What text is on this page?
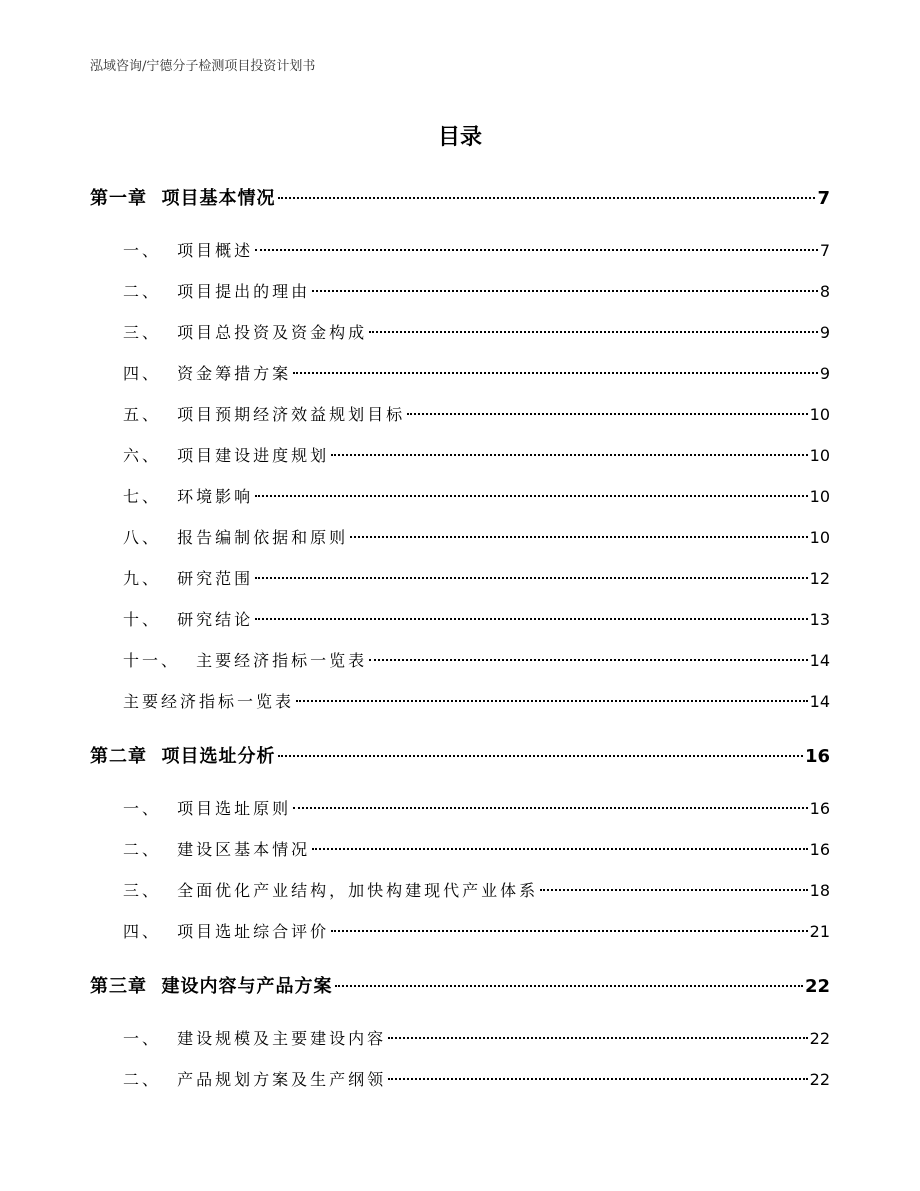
泓域咨询/宁德分子检测项目投资计划书
目录
第一章  项目基本情况	7
一、  项目概述	7
二、  项目提出的理由	8
三、  项目总投资及资金构成	9
四、  资金筹措方案	9
五、  项目预期经济效益规划目标	10
六、  项目建设进度规划	10
七、  环境影响	10
八、  报告编制依据和原则	10
九、  研究范围	12
十、  研究结论	13
十一、  主要经济指标一览表	14
主要经济指标一览表	14
第二章  项目选址分析	16
一、  项目选址原则	16
二、  建设区基本情况	16
三、  全面优化产业结构，加快构建现代产业体系	18
四、  项目选址综合评价	21
第三章  建设内容与产品方案	22
一、  建设规模及主要建设内容	22
二、  产品规划方案及生产纲领	22
